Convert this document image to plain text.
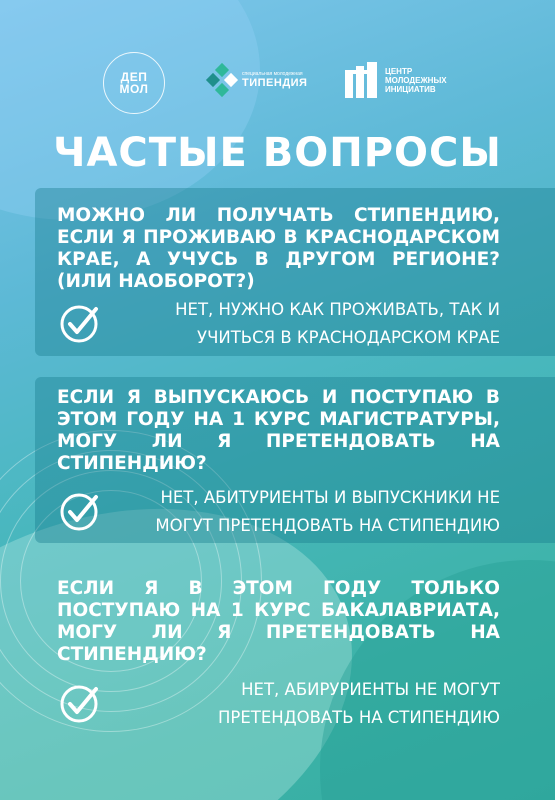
ДЕП
МОЛ
специальная молодежная
ТИПЕНДИЯ
ЦЕНТР
МОЛОДЕЖНЫХ
ИНИЦИАТИВ
ЧАСТЫЕ ВОПРОСЫ
МОЖНО ЛИ ПОЛУЧАТЬ СТИПЕНДИЮ, ЕСЛИ Я ПРОЖИВАЮ В КРАСНОДАРСКОМ КРАЕ, А УЧУСЬ В ДРУГОМ РЕГИОНЕ? (ИЛИ НАОБОРОТ?)
НЕТ, НУЖНО КАК ПРОЖИВАТЬ, ТАК И
УЧИТЬСЯ В КРАСНОДАРСКОМ КРАЕ
ЕСЛИ Я ВЫПУСКАЮСЬ И ПОСТУПАЮ В ЭТОМ ГОДУ НА 1 КУРС МАГИСТРАТУРЫ, МОГУ ЛИ Я ПРЕТЕНДОВАТЬ НА СТИПЕНДИЮ?
НЕТ, АБИТУРИЕНТЫ И ВЫПУСКНИКИ НЕ
МОГУТ ПРЕТЕНДОВАТЬ НА СТИПЕНДИЮ
ЕСЛИ Я В ЭТОМ ГОДУ ТОЛЬКО ПОСТУПАЮ НА 1 КУРС БАКАЛАВРИАТА, МОГУ ЛИ Я ПРЕТЕНДОВАТЬ НА СТИПЕНДИЮ?
НЕТ, АБИРУРИЕНТЫ НЕ МОГУТ
ПРЕТЕНДОВАТЬ НА СТИПЕНДИЮ
